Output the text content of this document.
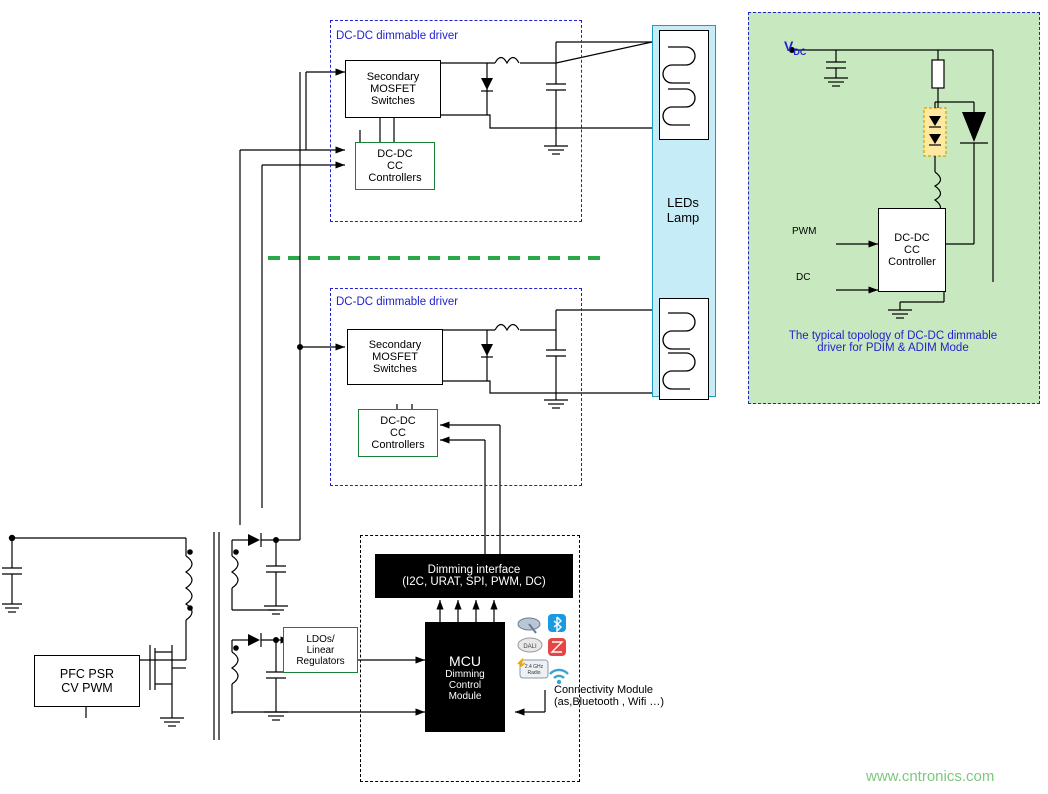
DC-DC dimmable driver
Secondary
MOSFET
Switches
DC-DC
CC
Controllers
DC-DC dimmable driver
Secondary
MOSFET
Switches
DC-DC
CC
Controllers
LEDs
Lamp
PFC PSR
CV PWM
LDOs/
Linear
Regulators
Dimming interface
(I2C, URAT, SPI, PWM, DC)
MCU
Dimming
Control
Module
DALI
2.4 GHz
Radio
Connectivity Module
(as,Bluetooth , Wifi …)
$V_{DC}$
PWM
DC
DC-DC
CC
Controller
The typical topology of DC-DC dimmable
driver for PDIM & ADIM Mode
www.cntronics.com
